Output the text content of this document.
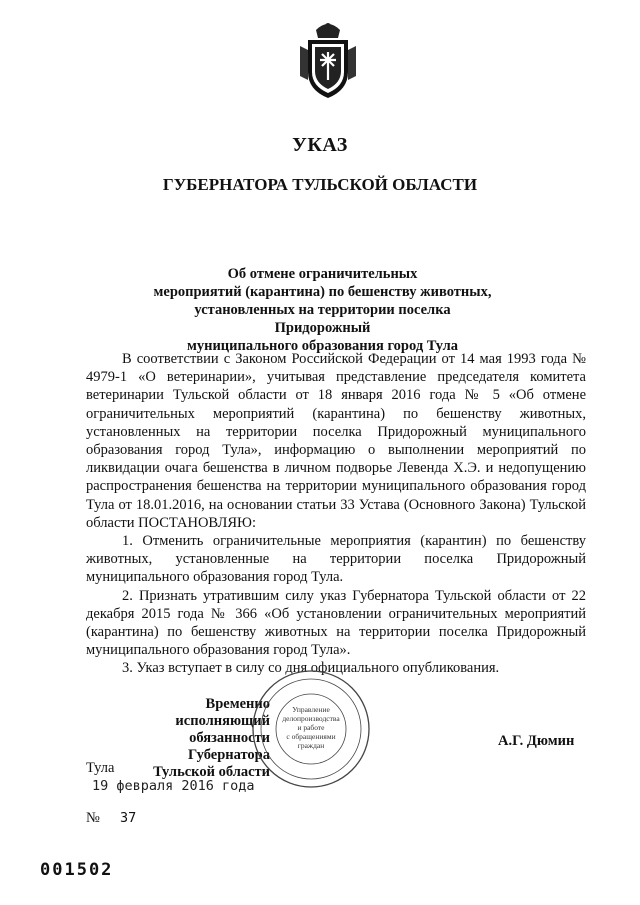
УКАЗ
ГУБЕРНАТОРА ТУЛЬСКОЙ ОБЛАСТИ
Об отмене ограничительных
мероприятий (карантина) по бешенству животных,
установленных на территории поселка Придорожный
муниципального образования город Тула

В соответствии с Законом Российской Федерации от 14 мая 1993 года № 4979-1 «О ветеринарии», учитывая представление председателя комитета ветеринарии Тульской области от 18 января 2016 года № 5 «Об отмене ограничительных мероприятий (карантина) по бешенству животных, установленных на территории поселка Придорожный муниципального образования город Тула», информацию о выполнении мероприятий по ликвидации очага бешенства в личном подворье Левенда Х.Э. и недопущению распространения бешенства на территории муниципального образования город Тула от 18.01.2016, на основании статьи 33 Устава (Основного Закона) Тульской области ПОСТАНОВЛЯЮ:

1. Отменить ограничительные мероприятия (карантин) по бешенству животных, установленные на территории поселка Придорожный муниципального образования город Тула.

2. Признать утратившим силу указ Губернатора Тульской области от 22 декабря 2015 года № 366 «Об установлении ограничительных мероприятий (карантина) по бешенству животных на территории поселка Придорожный муниципального образования город Тула».

3. Указ вступает в силу со дня официального опубликования.

Временно исполняющий
обязанности Губернатора
Тульской области
Управление
делопроизводства
и работе
с обращениями
граждан	А.Г. Дюмин
Тула
19 февраля 2016 года
№ 37
001502
